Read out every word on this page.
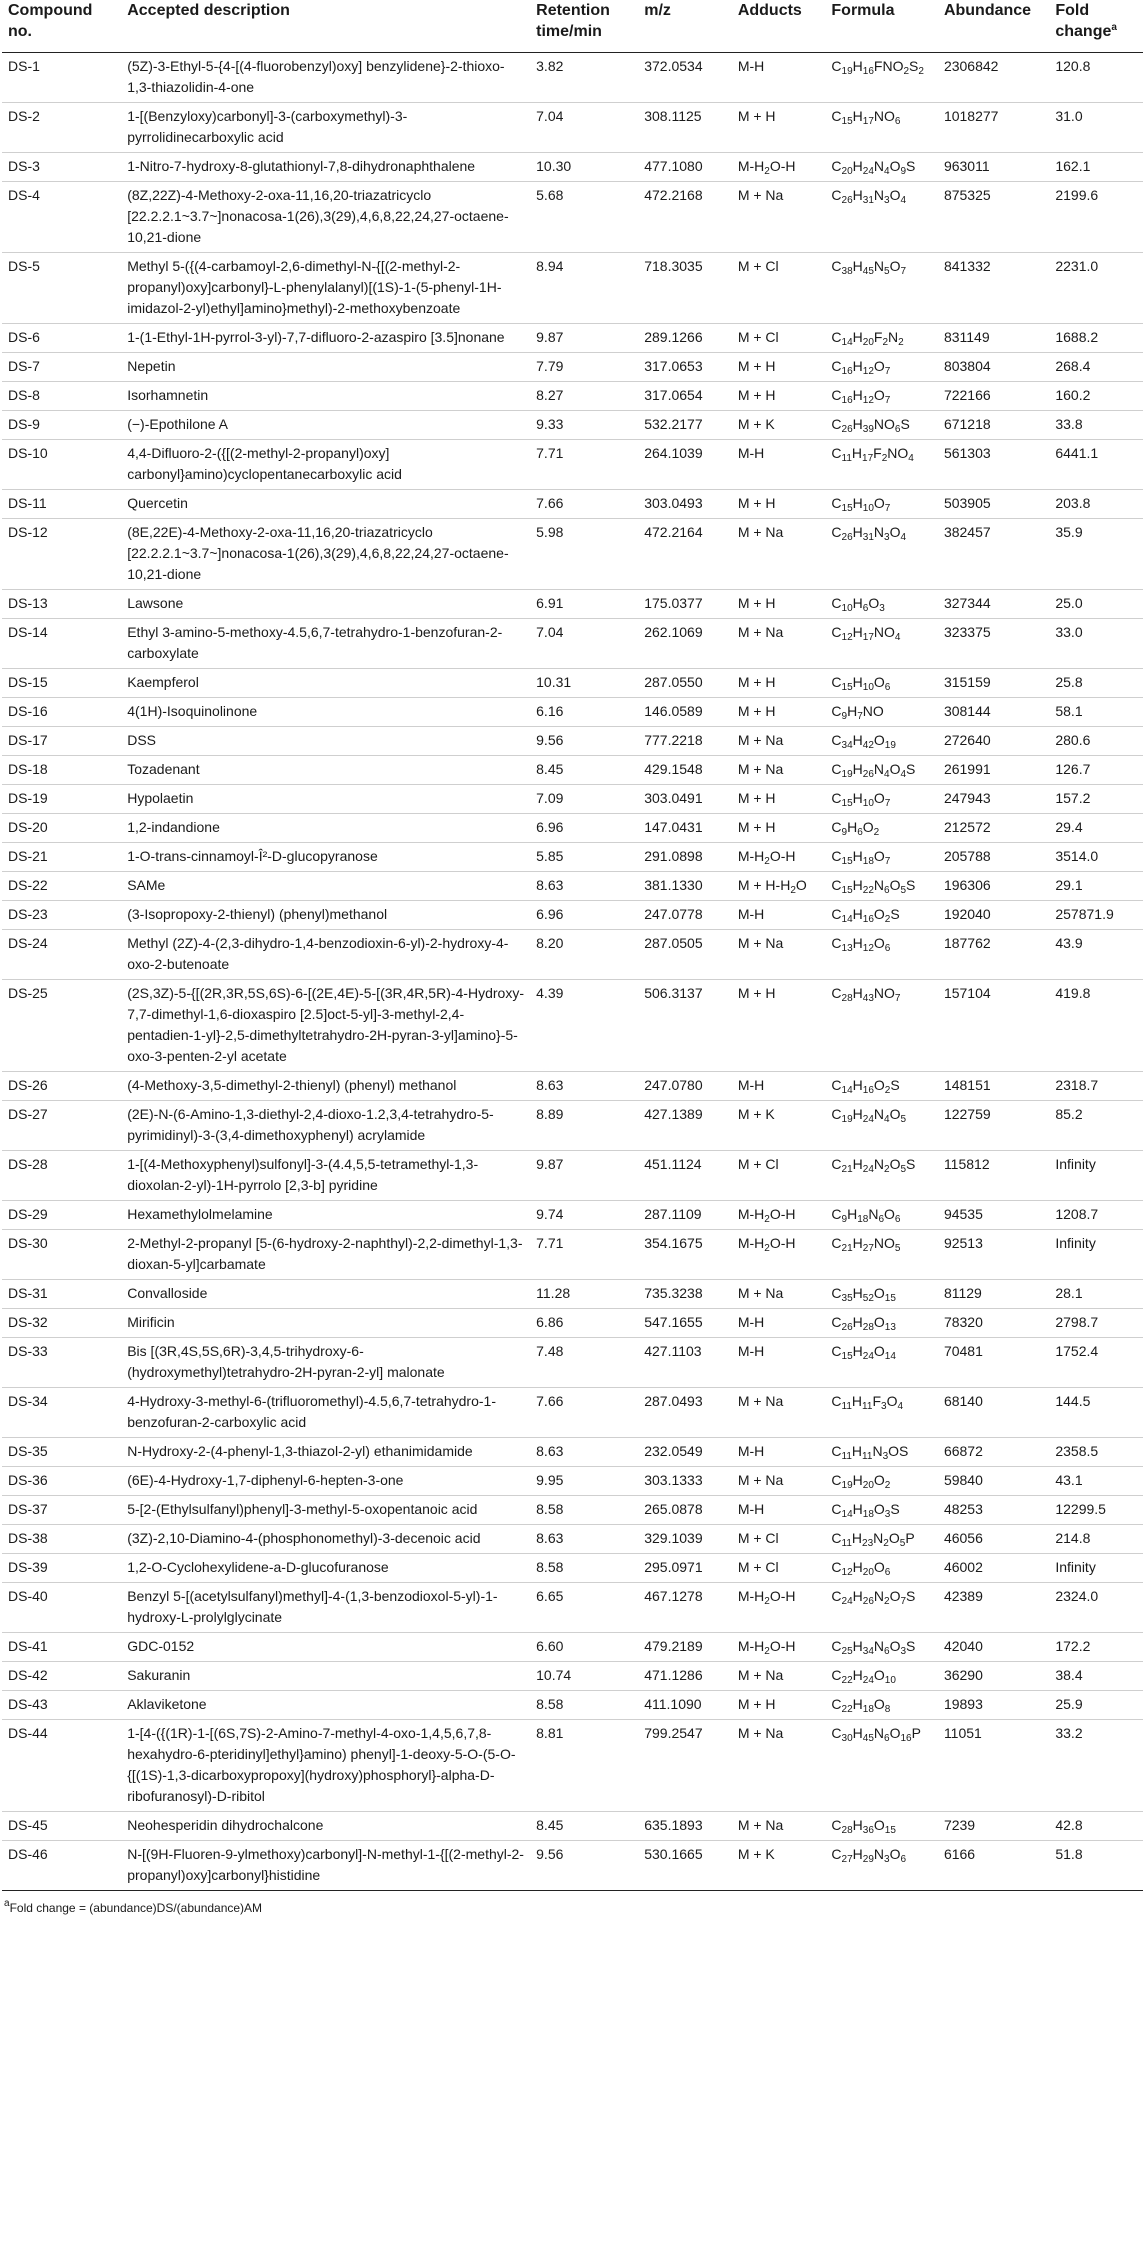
Compound no.	Accepted description	Retention time/min	m/z	Adducts	Formula	Abundance	Fold change$^a$
DS-1	(5Z)-3-Ethyl-5-{4-[(4-fluorobenzyl)oxy] benzylidene}-2-thioxo-1,3-thiazolidin-4-one	3.82	372.0534	M-H	$C_{19}H_{16}FNO_2S_2$	2306842	120.8
DS-2	1-[(Benzyloxy)carbonyl]-3-(carboxymethyl)-3-pyrrolidinecarboxylic acid	7.04	308.1125	M + H	$C_{15}H_{17}NO_6$	1018277	31.0
DS-3	1-Nitro-7-hydroxy-8-glutathionyl-7,8-dihydronaphthalene	10.30	477.1080	$M-H_2O-H$	$C_{20}H_{24}N_4O_9S$	963011	162.1
DS-4	(8Z,22Z)-4-Methoxy-2-oxa-11,16,20-triazatricyclo [22.2.2.1~3.7~]nonacosa-1(26),3(29),4,6,8,22,24,27-octaene-10,21-dione	5.68	472.2168	M + Na	$C_{26}H_{31}N_3O_4$	875325	2199.6
DS-5	Methyl 5-({(4-carbamoyl-2,6-dimethyl-N-{[(2-methyl-2-propanyl)oxy]carbonyl}-L-phenylalanyl)[(1S)-1-(5-phenyl-1H-imidazol-2-yl)ethyl]amino}methyl)-2-methoxybenzoate	8.94	718.3035	M + Cl	$C_{38}H_{45}N_5O_7$	841332	2231.0
DS-6	1-(1-Ethyl-1H-pyrrol-3-yl)-7,7-difluoro-2-azaspiro [3.5]nonane	9.87	289.1266	M + Cl	$C_{14}H_{20}F_2N_2$	831149	1688.2
DS-7	Nepetin	7.79	317.0653	M + H	$C_{16}H_{12}O_7$	803804	268.4
DS-8	Isorhamnetin	8.27	317.0654	M + H	$C_{16}H_{12}O_7$	722166	160.2
DS-9	(−)-Epothilone A	9.33	532.2177	M + K	$C_{26}H_{39}NO_6S$	671218	33.8
DS-10	4,4-Difluoro-2-({[(2-methyl-2-propanyl)oxy] carbonyl}amino)cyclopentanecarboxylic acid	7.71	264.1039	M-H	$C_{11}H_{17}F_2NO_4$	561303	6441.1
DS-11	Quercetin	7.66	303.0493	M + H	$C_{15}H_{10}O_7$	503905	203.8
DS-12	(8E,22E)-4-Methoxy-2-oxa-11,16,20-triazatricyclo [22.2.2.1~3.7~]nonacosa-1(26),3(29),4,6,8,22,24,27-octaene-10,21-dione	5.98	472.2164	M + Na	$C_{26}H_{31}N_3O_4$	382457	35.9
DS-13	Lawsone	6.91	175.0377	M + H	$C_{10}H_6O_3$	327344	25.0
DS-14	Ethyl 3-amino-5-methoxy-4.5,6,7-tetrahydro-1-benzofuran-2-carboxylate	7.04	262.1069	M + Na	$C_{12}H_{17}NO_4$	323375	33.0
DS-15	Kaempferol	10.31	287.0550	M + H	$C_{15}H_{10}O_6$	315159	25.8
DS-16	4(1H)-Isoquinolinone	6.16	146.0589	M + H	$C_9H_7NO$	308144	58.1
DS-17	DSS	9.56	777.2218	M + Na	$C_{34}H_{42}O_{19}$	272640	280.6
DS-18	Tozadenant	8.45	429.1548	M + Na	$C_{19}H_{26}N_4O_4S$	261991	126.7
DS-19	Hypolaetin	7.09	303.0491	M + H	$C_{15}H_{10}O_7$	247943	157.2
DS-20	1,2-indandione	6.96	147.0431	M + H	$C_9H_6O_2$	212572	29.4
DS-21	1-O-trans-cinnamoyl-Î²-D-glucopyranose	5.85	291.0898	$M-H_2O-H$	$C_{15}H_{18}O_7$	205788	3514.0
DS-22	SAMe	8.63	381.1330	$M + H-H_2O$	$C_{15}H_{22}N_6O_5S$	196306	29.1
DS-23	(3-Isopropoxy-2-thienyl) (phenyl)methanol	6.96	247.0778	M-H	$C_{14}H_{16}O_2S$	192040	257871.9
DS-24	Methyl (2Z)-4-(2,3-dihydro-1,4-benzodioxin-6-yl)-2-hydroxy-4-oxo-2-butenoate	8.20	287.0505	M + Na	$C_{13}H_{12}O_6$	187762	43.9
DS-25	(2S,3Z)-5-{[(2R,3R,5S,6S)-6-[(2E,4E)-5-[(3R,4R,5R)-4-Hydroxy-7,7-dimethyl-1,6-dioxaspiro [2.5]oct-5-yl]-3-methyl-2,4-pentadien-1-yl}-2,5-dimethyltetrahydro-2H-pyran-3-yl]amino}-5-oxo-3-penten-2-yl acetate	4.39	506.3137	M + H	$C_{28}H_{43}NO_7$	157104	419.8
DS-26	(4-Methoxy-3,5-dimethyl-2-thienyl) (phenyl) methanol	8.63	247.0780	M-H	$C_{14}H_{16}O_2S$	148151	2318.7
DS-27	(2E)-N-(6-Amino-1,3-diethyl-2,4-dioxo-1.2,3,4-tetrahydro-5-pyrimidinyl)-3-(3,4-dimethoxyphenyl) acrylamide	8.89	427.1389	M + K	$C_{19}H_{24}N_4O_5$	122759	85.2
DS-28	1-[(4-Methoxyphenyl)sulfonyl]-3-(4.4,5,5-tetramethyl-1,3-dioxolan-2-yl)-1H-pyrrolo [2,3-b] pyridine	9.87	451.1124	M + Cl	$C_{21}H_{24}N_2O_5S$	115812	Infinity
DS-29	Hexamethylolmelamine	9.74	287.1109	$M-H_2O-H$	$C_9H_{18}N_6O_6$	94535	1208.7
DS-30	2-Methyl-2-propanyl [5-(6-hydroxy-2-naphthyl)-2,2-dimethyl-1,3-dioxan-5-yl]carbamate	7.71	354.1675	$M-H_2O-H$	$C_{21}H_{27}NO_5$	92513	Infinity
DS-31	Convalloside	11.28	735.3238	M + Na	$C_{35}H_{52}O_{15}$	81129	28.1
DS-32	Mirificin	6.86	547.1655	M-H	$C_{26}H_{28}O_{13}$	78320	2798.7
DS-33	Bis [(3R,4S,5S,6R)-3,4,5-trihydroxy-6-(hydroxymethyl)tetrahydro-2H-pyran-2-yl] malonate	7.48	427.1103	M-H	$C_{15}H_{24}O_{14}$	70481	1752.4
DS-34	4-Hydroxy-3-methyl-6-(trifluoromethyl)-4.5,6,7-tetrahydro-1-benzofuran-2-carboxylic acid	7.66	287.0493	M + Na	$C_{11}H_{11}F_3O_4$	68140	144.5
DS-35	N-Hydroxy-2-(4-phenyl-1,3-thiazol-2-yl) ethanimidamide	8.63	232.0549	M-H	$C_{11}H_{11}N_3OS$	66872	2358.5
DS-36	(6E)-4-Hydroxy-1,7-diphenyl-6-hepten-3-one	9.95	303.1333	M + Na	$C_{19}H_{20}O_2$	59840	43.1
DS-37	5-[2-(Ethylsulfanyl)phenyl]-3-methyl-5-oxopentanoic acid	8.58	265.0878	M-H	$C_{14}H_{18}O_3S$	48253	12299.5
DS-38	(3Z)-2,10-Diamino-4-(phosphonomethyl)-3-decenoic acid	8.63	329.1039	M + Cl	$C_{11}H_{23}N_2O_5P$	46056	214.8
DS-39	1,2-O-Cyclohexylidene-a-D-glucofuranose	8.58	295.0971	M + Cl	$C_{12}H_{20}O_6$	46002	Infinity
DS-40	Benzyl 5-[(acetylsulfanyl)methyl]-4-(1,3-benzodioxol-5-yl)-1-hydroxy-L-prolylglycinate	6.65	467.1278	$M-H_2O-H$	$C_{24}H_{26}N_2O_7S$	42389	2324.0
DS-41	GDC-0152	6.60	479.2189	$M-H_2O-H$	$C_{25}H_{34}N_6O_3S$	42040	172.2
DS-42	Sakuranin	10.74	471.1286	M + Na	$C_{22}H_{24}O_{10}$	36290	38.4
DS-43	Aklaviketone	8.58	411.1090	M + H	$C_{22}H_{18}O_8$	19893	25.9
DS-44	1-[4-({(1R)-1-[(6S,7S)-2-Amino-7-methyl-4-oxo-1,4,5,6,7,8-hexahydro-6-pteridinyl]ethyl}amino) phenyl]-1-deoxy-5-O-(5-O-{[(1S)-1,3-dicarboxypropoxy](hydroxy)phosphoryl}-alpha-D-ribofuranosyl)-D-ribitol	8.81	799.2547	M + Na	$C_{30}H_{45}N_6O_{16}P$	11051	33.2
DS-45	Neohesperidin dihydrochalcone	8.45	635.1893	M + Na	$C_{28}H_{36}O_{15}$	7239	42.8
DS-46	N-[(9H-Fluoren-9-ylmethoxy)carbonyl]-N-methyl-1-{[(2-methyl-2-propanyl)oxy]carbonyl}histidine	9.56	530.1665	M + K	$C_{27}H_{29}N_3O_6$	6166	51.8
$^a$Fold change = (abundance)DS/(abundance)AM
